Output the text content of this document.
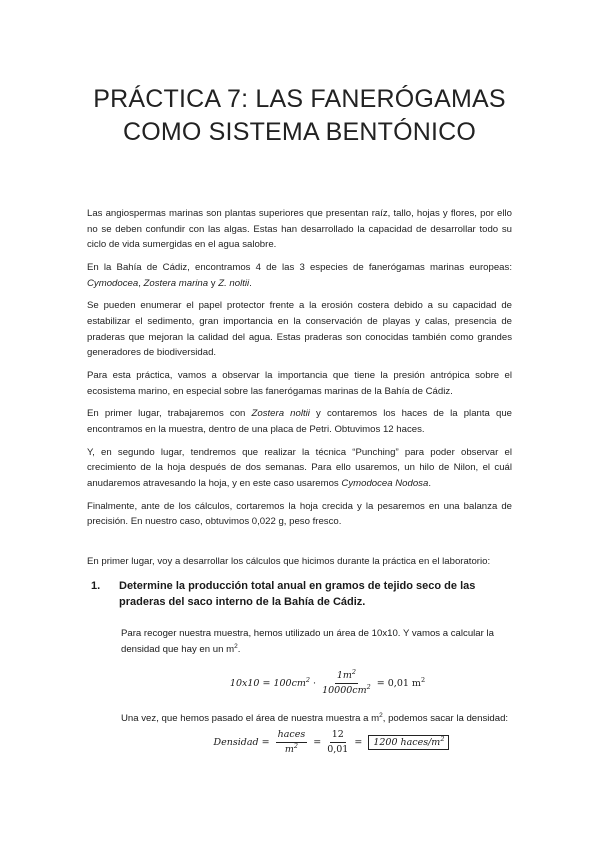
PRÁCTICA 7: LAS FANERÓGAMAS
COMO SISTEMA BENTÓNICO

Las angiospermas marinas son plantas superiores que presentan raíz, tallo, hojas y flores, por ello no se deben confundir con las algas. Estas han desarrollado la capacidad de desarrollar todo su ciclo de vida sumergidas en el agua salobre.

En la Bahía de Cádiz, encontramos 4 de las 3 especies de fanerógamas marinas europeas: Cymodocea, Zostera marina y Z. noltii.

Se pueden enumerar el papel protector frente a la erosión costera debido a su capacidad de estabilizar el sedimento, gran importancia en la conservación de playas y calas, presencia de praderas que mejoran la calidad del agua. Estas praderas son conocidas también como grandes generadores de biodiversidad.

Para esta práctica, vamos a observar la importancia que tiene la presión antrópica sobre el ecosistema marino, en especial sobre las fanerógamas marinas de la Bahía de Cádiz.

En primer lugar, trabajaremos con Zostera noltii y contaremos los haces de la planta que encontramos en la muestra, dentro de una placa de Petri. Obtuvimos 12 haces.

Y, en segundo lugar, tendremos que realizar la técnica “Punching” para poder observar el crecimiento de la hoja después de dos semanas. Para ello usaremos, un hilo de Nilon, el cuál anudaremos atravesando la hoja, y en este caso usaremos Cymodocea Nodosa.

Finalmente, ante de los cálculos, cortaremos la hoja crecida y la pesaremos en una balanza de precisión. En nuestro caso, obtuvimos 0,022 g, peso fresco.

En primer lugar, voy a desarrollar los cálculos que hicimos durante la práctica en el laboratorio:

1.	Determine la producción total anual en gramos de tejido seco de las praderas del saco interno de la Bahía de Cádiz.

Para recoger nuestra muestra, hemos utilizado un área de 10x10. Y vamos a calcular la densidad que hay en un $m^2$.

$10x10 = 100cm^2 \cdot \frac{1m^2}{10000cm^2} = 0,01$ $m^2$

Una vez, que hemos pasado el área de nuestra muestra a $m^2$, podemos sacar la densidad:

Densidad = $\frac{\text{haces}}{m^2} = \frac{12}{0,01}$ =	1200 haces/$m^2$
